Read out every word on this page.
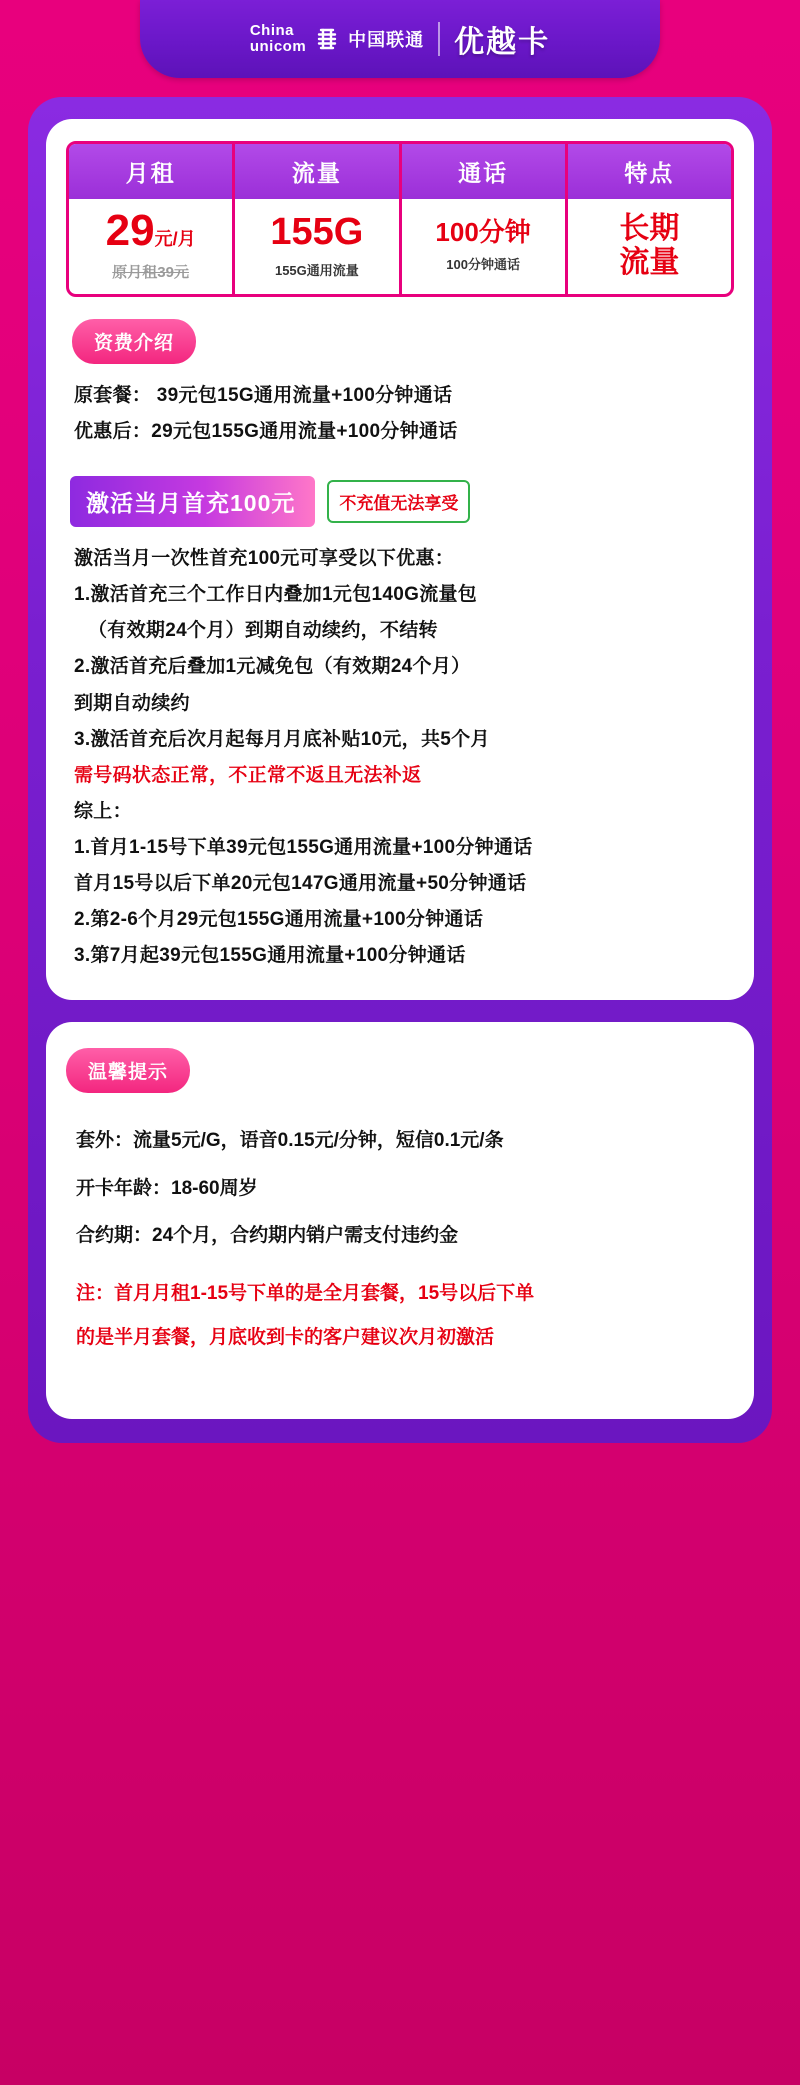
China
unicom 中国联通 优越卡
月租
29 元/月
原月租39元
流量
155G
155G通用流量
通话
100分钟
100分钟通话
特点
长期
流量
资费介绍
原套餐： 39元包15G通用流量+100分钟通话
优惠后：29元包155G通用流量+100分钟通话
激活当月首充100元	不充值无法享受
激活当月一次性首充100元可享受以下优惠：
1.激活首充三个工作日内叠加1元包140G流量包
（有效期24个月）到期自动续约，不结转
2.激活首充后叠加1元减免包（有效期24个月）
到期自动续约
3.激活首充后次月起每月月底补贴10元，共5个月
需号码状态正常，不正常不返且无法补返
综上：
1.首月1-15号下单39元包155G通用流量+100分钟通话
首月15号以后下单20元包147G通用流量+50分钟通话
2.第2-6个月29元包155G通用流量+100分钟通话
3.第7月起39元包155G通用流量+100分钟通话
温馨提示
套外：流量5元/G，语音0.15元/分钟，短信0.1元/条
开卡年龄：18-60周岁
合约期：24个月，合约期内销户需支付违约金
注：首月月租1-15号下单的是全月套餐，15号以后下单
的是半月套餐，月底收到卡的客户建议次月初激活
